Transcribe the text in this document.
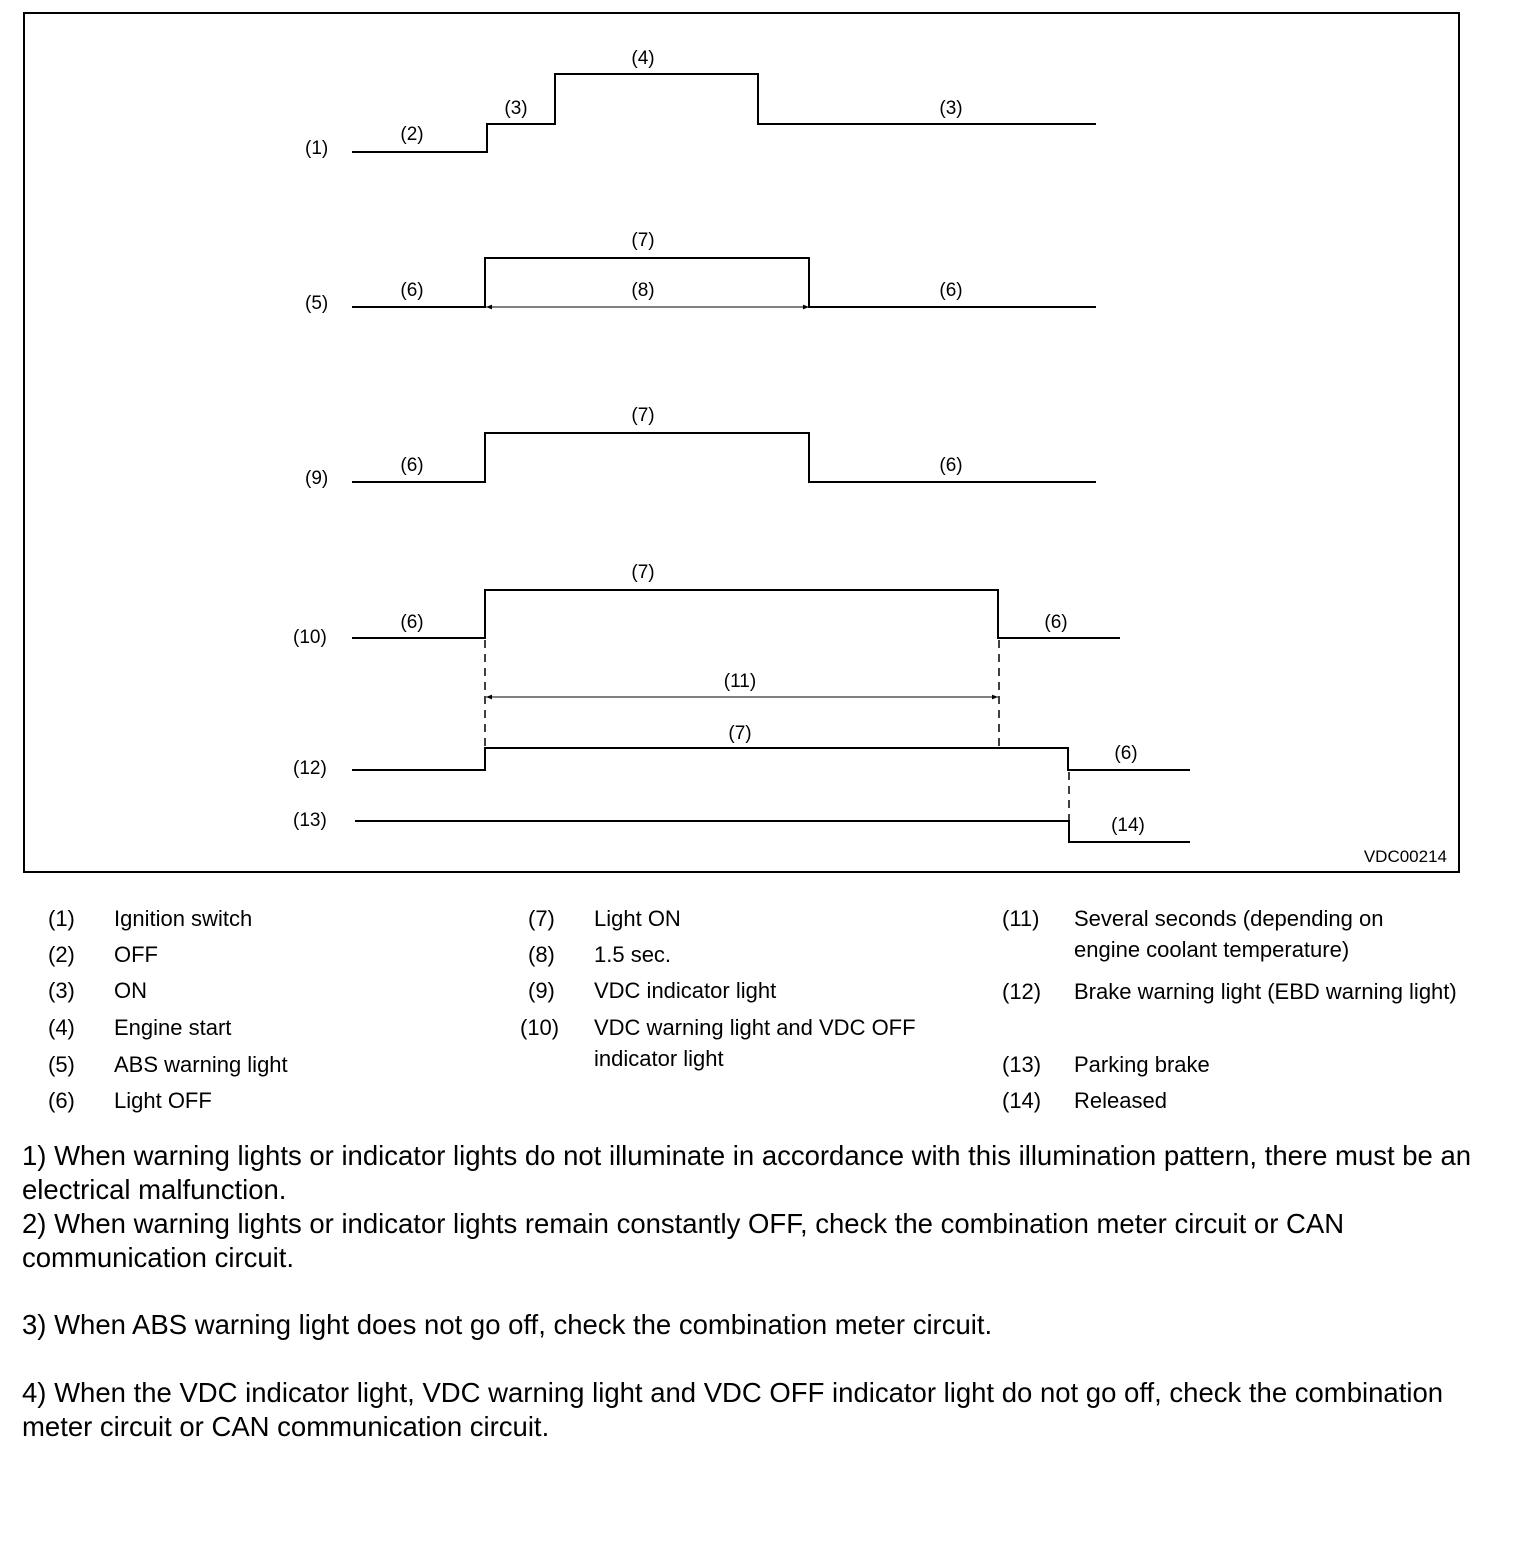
(1)
(2)
(3)
(4)
(3)
(5)
(6)
(7)
(8)	(6)
(9)
(6)
(7)
(6)
(10)
(6)
(7)
(6)
(11)
(12)
(7)
(6)
(13)	(14)
VDC00214
(1) Ignition switch
(2) OFF
(3) ON
(4) Engine start
(5) ABS warning light
(6) Light OFF
(7) Light ON
(8) 1.5 sec.
(9) VDC indicator light
(10) VDC warning light and VDC OFF indicator light
(11) Several seconds (depending on engine coolant temperature)
(12) Brake warning light (EBD warning light)
(13) Parking brake
(14) Released

1) When warning lights or indicator lights do not illuminate in accordance with this illumination pattern, there must be an electrical malfunction.

2) When warning lights or indicator lights remain constantly OFF, check the combination meter circuit or CAN communication circuit.

3) When ABS warning light does not go off, check the combination meter circuit.

4) When the VDC indicator light, VDC warning light and VDC OFF indicator light do not go off, check the combination meter circuit or CAN communication circuit.
